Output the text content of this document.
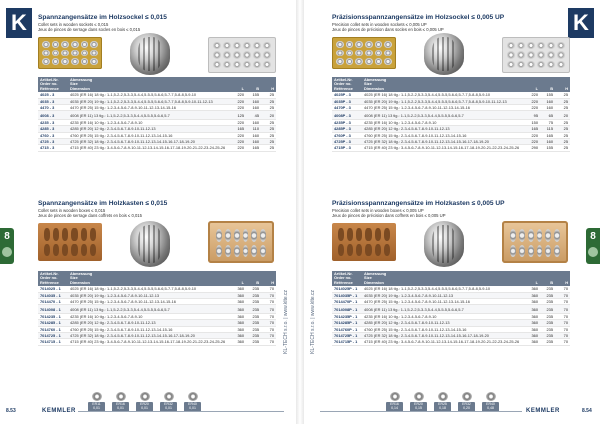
K
8
KL-TECH s.r.o. | www.klte.cz
Spannzangensätze im Holzsockel ≤ 0,015
Collet sets in wooden sockets ≤ 0,015
Jeux de pinces de serrage dans socles en bois ≤ 0,015
Artikel-Nr.
Order no.
Référence	Abmessung
Size
Dimension	L	B	H
4025 - 3	4025 (ER 16) 18 tlg.: 1-1,5-2-2,5-3-3,5-4-4,5-5-5,5-6-6,5-7-7,5-8-8,5-9-10	220	155	25
4035 - 3	4035 (ER 20) 19 tlg.: 1-1,5-2-2,5-3-3,5-4-4,5-5-5,5-6-6,5-7-7,5-8-8,5-9-10-11-12-13	220	160	25
4470 - 3	4470 (ER 25) 15 tlg.: 1-2-3-4-5-6-7-8-9-10-11-12-13-14-15-16	220	160	25
4008 - 3	4008 (ER 11) 13 tlg.: 1-1,5-2-2,5-3-3,5-4-4,5-5-5,5-6-6,5-7	125	45	20
4235 - 3	4235 (ER 16) 10 tlg.: 1-2-3-4-5-6-7-8-9-10	220	160	25
4285 - 3	4285 (ER 20) 12 tlg.: 2-3-4-5-6-7-8-9-10-11-12-13	165	110	25
4760 - 3	4760 (ER 25) 15 tlg.: 2-3-4-5-6-7-8-9-10-11-12-13-14-15-16	220	160	25
4725 - 3	4725 (ER 32) 18 tlg.: 2-3-4-5-6-7-8-9-10-11-12-13-14-15-16-17-18-19-20	220	160	25
4715 - 3	4715 (ER 40) 23 tlg.: 3-4-5-6-7-8-9-10-11-12-13-14-15-16-17-18-19-20-21-22-23-24-25-26	220	165	25
Spannzangensätze im Holzkasten ≤ 0,015
Collet sets in wooden boxes ≤ 0,015
Jeux de pinces de serrage dans coffrets en bois ≤ 0,015
Artikel-Nr.
Order no.
Référence	Abmessung
Size
Dimension	L	B	H
7014025 - 1	4025 (ER 16) 18 tlg.: 1-1,5-2-2,5-3-3,5-4-4,5-5-5,5-6-6,5-7-7,5-8-8,5-9-10	360	235	70
7014035 - 1	4035 (ER 20) 19 tlg.: 1-2-3-4-5-6-7-8-9-10-11-12-13	360	235	70
7014470 - 1	4470 (ER 25) 15 tlg.: 1-2-3-4-5-6-7-8-9-10-11-12-13-14-15-16	360	235	70
7014008 - 1	4008 (ER 11) 13 tlg.: 1-1,5-2-2,5-3-3,5-4-4,5-5-5,5-6-6,5-7	360	235	70
7014235 - 1	4235 (ER 16) 10 tlg.: 1-2-3-4-5-6-7-8-9-10	360	235	70
7014285 - 1	4285 (ER 20) 12 tlg.: 2-3-4-5-6-7-8-9-10-11-12-13	360	235	70
7014760 - 1	4760 (ER 25) 15 tlg.: 2-3-4-5-6-7-8-9-10-11-12-13-14-15-16	360	235	70
7014725 - 1	4725 (ER 32) 18 tlg.: 2-3-4-5-6-7-8-9-10-11-12-13-14-15-16-17-18-19-20	360	235	70
7014715 - 1	4715 (ER 40) 23 tlg.: 3-4-5-6-7-8-9-10-11-12-13-14-15-16-17-18-19-20-21-22-23-24-25-26	360	235	70
ER11
0,01
ER16
0,01
ER20
0,01
ER32
0,01
ER40
0,01
8.53	KEMMLER
K
8
KL-TECH s.r.o. | www.klte.cz
Präzisionsspannzangensätze im Holzsockel ≤ 0,005 UP
Precision collet sets in wooden sockets ≤ 0,005 UP
Jeux de pinces de précision dans socles en bois ≤ 0,005 UP
Artikel-Nr.
Order no.
Référence	Abmessung
Size
Dimension	L	B	H
4025P - 3	4025 (ER 16) 18 tlg.: 1-1,5-2-2,5-3-3,5-4-4,5-5-5,5-6-6,5-7-7,5-8-8,5-9-10	220	155	25
4035P - 3	4035 (ER 20) 19 tlg.: 1-1,5-2-2,5-3-3,5-4-4,5-5-5,5-6-6,5-7-7,5-8-8,5-9-10-11-12-13	220	160	25
4470P - 3	4470 (ER 25) 15 tlg.: 1-2-3-4-5-6-7-8-9-10-11-12-13-14-15-16	220	160	25
4008P - 3	4008 (ER 11) 13 tlg.: 1-1,5-2-2,5-3-3,5-4-4,5-5-5,5-6-6,5-7	95	65	20
4235P - 3	4235 (ER 16) 10 tlg.: 1-2-3-4-5-6-7-8-9-10	150	75	25
4285P - 3	4285 (ER 20) 12 tlg.: 2-3-4-5-6-7-8-9-10-11-12-13	165	115	25
4760P - 3	4760 (ER 25) 15 tlg.: 2-3-4-5-6-7-8-9-10-11-12-13-14-15-16	220	165	25
4725P - 3	4725 (ER 32) 18 tlg.: 2-3-4-5-6-7-8-9-10-11-12-13-14-15-16-17-18-19-20	220	160	25
4715P - 3	4715 (ER 40) 23 tlg.: 3-4-5-6-7-8-9-10-11-12-13-14-15-16-17-18-19-20-21-22-23-24-25-26	290	155	25
Präzisionsspannzangensätze im Holzkasten ≤ 0,005 UP
Precision collet sets in wooden boxes ≤ 0,005 UP
Jeux de pinces de précision dans coffrets en bois ≤ 0,005 UP
Artikel-Nr.
Order no.
Référence	Abmessung
Size
Dimension	L	B	H
7014025P - 1	4025 (ER 16) 18 tlg.: 1-1,5-2-2,5-3-3,5-4-4,5-5-5,5-6-6,5-7-7,5-8-8,5-9-10	360	235	70
7014035P - 1	4035 (ER 20) 19 tlg.: 1-2-3-4-5-6-7-8-9-10-11-12-13	360	235	70
7014470P - 1	4470 (ER 25) 15 tlg.: 1-2-3-4-5-6-7-8-9-10-11-12-13-14-15-16	360	235	70
7014008P - 1	4008 (ER 11) 13 tlg.: 1-1,5-2-2,5-3-3,5-4-4,5-5-5,5-6-6,5-7	360	235	70
7014235P - 1	4235 (ER 16) 10 tlg.: 1-2-3-4-5-6-7-8-9-10	360	235	70
7014285P - 1	4285 (ER 20) 12 tlg.: 2-3-4-5-6-7-8-9-10-11-12-13	360	235	70
7014760P - 1	4760 (ER 25) 15 tlg.: 2-3-4-5-6-7-8-9-10-11-12-13-14-15-16	360	235	70
7014725P - 1	4725 (ER 32) 18 tlg.: 2-3-4-5-6-7-8-9-10-11-12-13-14-15-16-17-18-19-20	360	235	70
7014715P - 1	4715 (ER 40) 23 tlg.: 3-4-5-6-7-8-9-10-11-12-13-14-15-16-17-18-19-20-21-22-23-24-25-26	360	235	70
ER16
0,14
ER20
0,15
ER25
0,18
ER32
0,20
ER40
0,48
KEMMLER	8.54
